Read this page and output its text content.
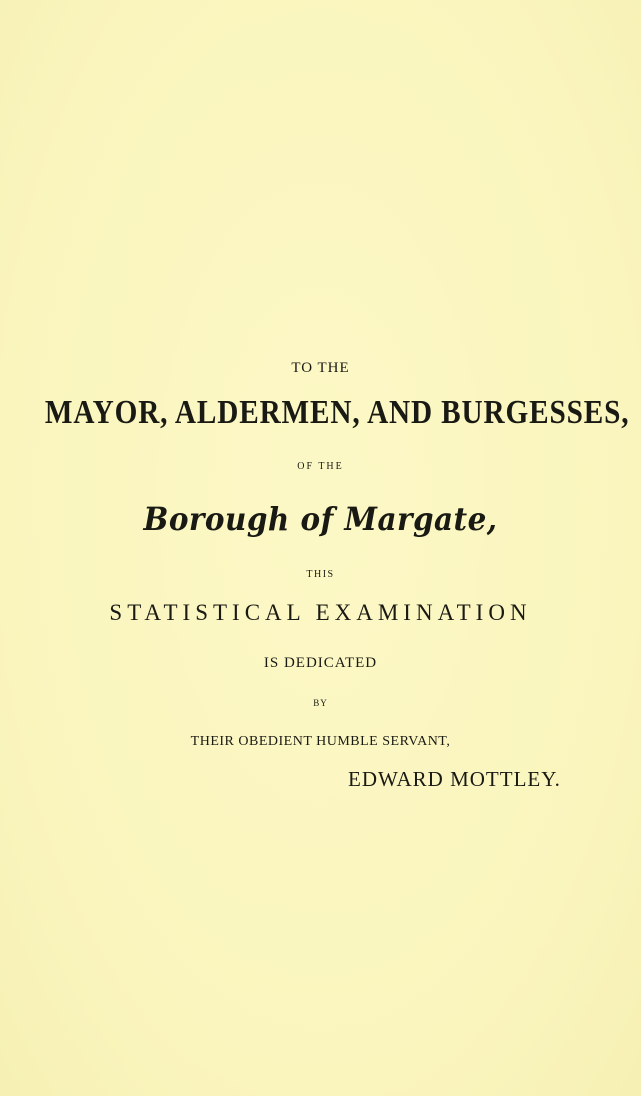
TO THE
MAYOR, ALDERMEN, AND BURGESSES,
OF THE
Borough of Margate,
THIS
STATISTICAL EXAMINATION
IS DEDICATED
BY
THEIR OBEDIENT HUMBLE SERVANT,
EDWARD MOTTLEY.
